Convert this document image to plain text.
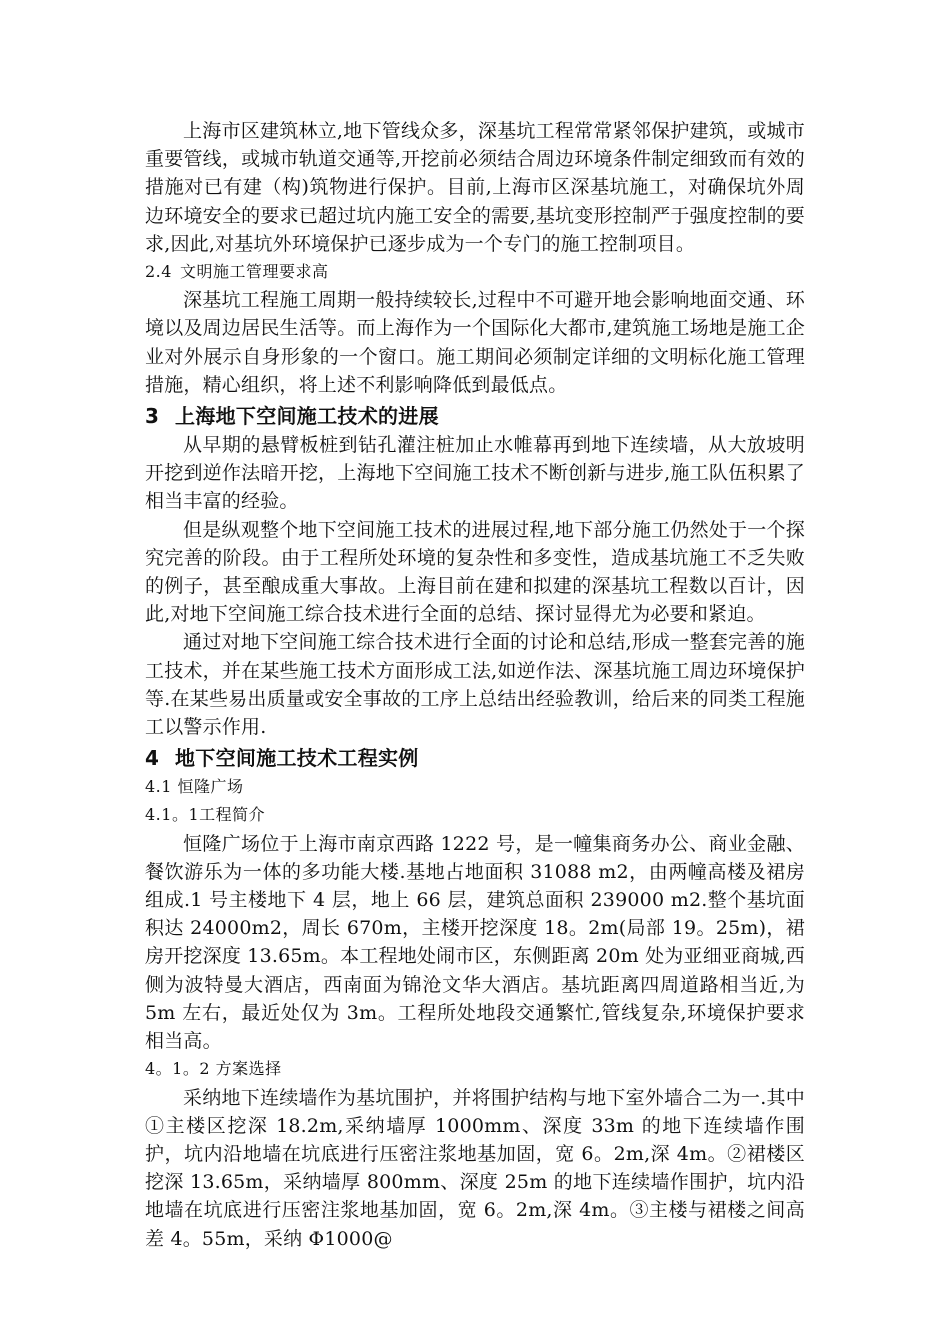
上海市区建筑林立,地下管线众多，深基坑工程常常紧邻保护建筑，或城市重要管线，或城市轨道交通等,开挖前必须结合周边环境条件制定细致而有效的措施对已有建（构)筑物进行保护。目前,上海市区深基坑施工，对确保坑外周边环境安全的要求已超过坑内施工安全的需要,基坑变形控制严于强度控制的要求,因此,对基坑外环境保护已逐步成为一个专门的施工控制项目。

2.4 文明施工管理要求高

深基坑工程施工周期一般持续较长,过程中不可避开地会影响地面交通、环境以及周边居民生活等。而上海作为一个国际化大都市,建筑施工场地是施工企业对外展示自身形象的一个窗口。施工期间必须制定详细的文明标化施工管理措施，精心组织，将上述不利影响降低到最低点。

3 上海地下空间施工技术的进展

从早期的悬臂板桩到钻孔灌注桩加止水帷幕再到地下连续墙，从大放坡明开挖到逆作法暗开挖，上海地下空间施工技术不断创新与进步,施工队伍积累了相当丰富的经验。

但是纵观整个地下空间施工技术的进展过程,地下部分施工仍然处于一个探究完善的阶段。由于工程所处环境的复杂性和多变性，造成基坑施工不乏失败的例子，甚至酿成重大事故。上海目前在建和拟建的深基坑工程数以百计，因此,对地下空间施工综合技术进行全面的总结、探讨显得尤为必要和紧迫。

通过对地下空间施工综合技术进行全面的讨论和总结,形成一整套完善的施工技术，并在某些施工技术方面形成工法,如逆作法、深基坑施工周边环境保护等.在某些易出质量或安全事故的工序上总结出经验教训，给后来的同类工程施工以警示作用.

4 地下空间施工技术工程实例

4.1 恒隆广场

4.1。1工程简介

恒隆广场位于上海市南京西路 1222 号，是一幢集商务办公、商业金融、餐饮游乐为一体的多功能大楼.基地占地面积 31088 m2，由两幢高楼及裙房组成.1 号主楼地下 4 层，地上 66 层，建筑总面积 239000 m2.整个基坑面积达 24000m2，周长 670m，主楼开挖深度 18。2m(局部 19。25m)，裙房开挖深度 13.65m。本工程地处闹市区，东侧距离 20m 处为亚细亚商城,西侧为波特曼大酒店，西南面为锦沧文华大酒店。基坑距离四周道路相当近,为 5m 左右，最近处仅为 3m。工程所处地段交通繁忙,管线复杂,环境保护要求相当高。

4。1。2 方案选择

采纳地下连续墙作为基坑围护，并将围护结构与地下室外墙合二为一.其中①主楼区挖深 18.2m,采纳墙厚 1000mm、深度 33m 的地下连续墙作围护，坑内沿地墙在坑底进行压密注浆地基加固，宽 6。2m,深 4m。②裙楼区挖深 13.65m，采纳墙厚 800mm、深度 25m 的地下连续墙作围护，坑内沿地墙在坑底进行压密注浆地基加固，宽 6。2m,深 4m。③主楼与裙楼之间高差 4。55m，采纳 Φ1000@
